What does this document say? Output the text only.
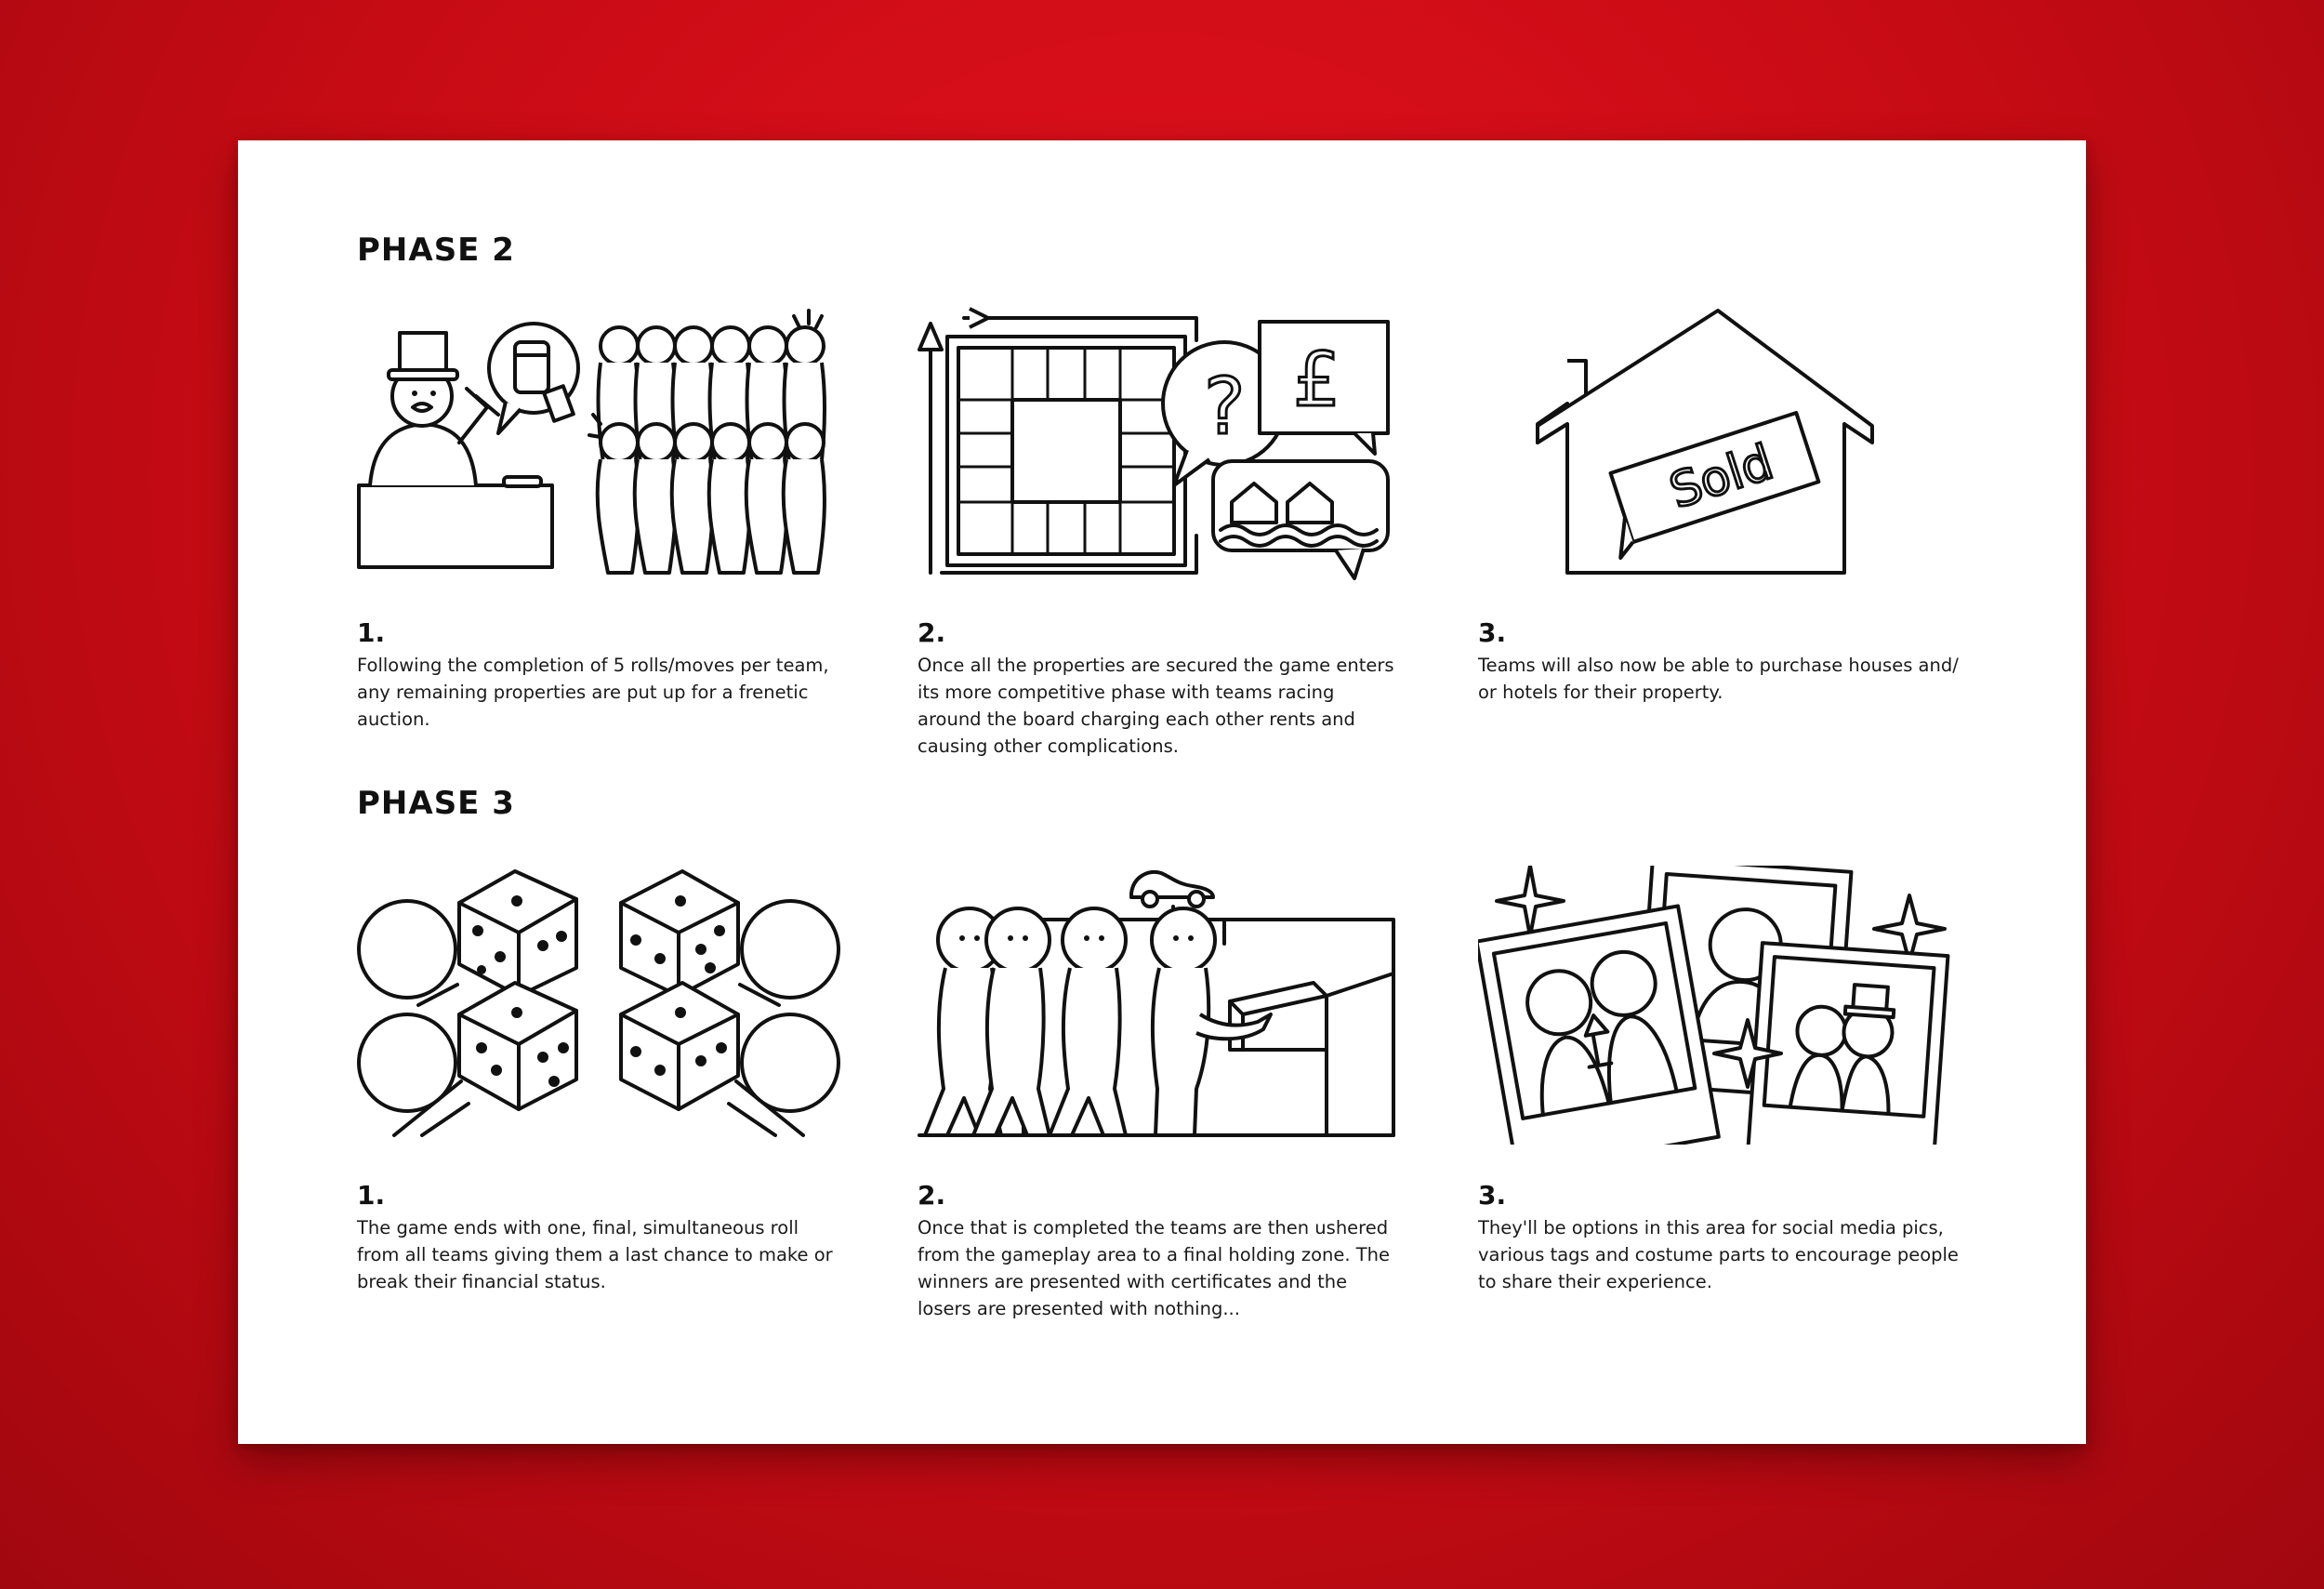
PHASE 2
1.

Following the completion of 5 rolls/moves per team, any remaining properties are put up for a frenetic auction.

? £
2.

Once all the properties are secured the game enters its more competitive phase with teams racing around the board charging each other rents and causing other complications.

Sold
3.

Teams will also now be able to purchase houses and/ or hotels for their property.

PHASE 3
1.

The game ends with one, final, simultaneous roll from all teams giving them a last chance to make or break their financial status.

2.

Once that is completed the teams are then ushered from the gameplay area to a final holding zone. The winners are presented with certificates and the losers are presented with nothing...

3.

They'll be options in this area for social media pics, various tags and costume parts to encourage people to share their experience.
